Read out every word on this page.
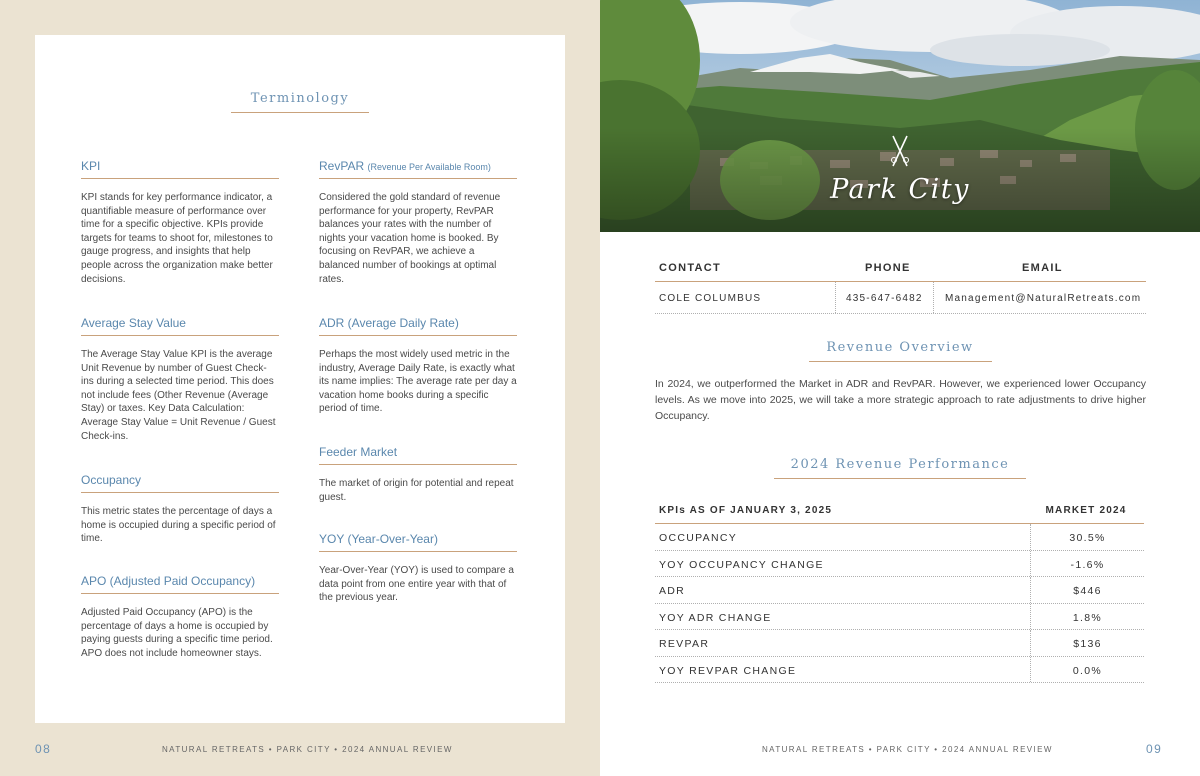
Terminology
KPI
KPI stands for key performance indicator, a quantifiable measure of performance over time for a specific objective. KPIs provide targets for teams to shoot for, milestones to gauge progress, and insights that help people across the organization make better decisions.
RevPAR (Revenue Per Available Room)
Considered the gold standard of revenue performance for your property, RevPAR balances your rates with the number of nights your vacation home is booked. By focusing on RevPAR, we achieve a balanced number of bookings at optimal rates.
Average Stay Value
The Average Stay Value KPI is the average Unit Revenue by number of Guest Check-ins during a selected time period. This does not include fees (Other Revenue (Average Stay) or taxes. Key Data Calculation: Average Stay Value = Unit Revenue / Guest Check-ins.
ADR (Average Daily Rate)
Perhaps the most widely used metric in the industry, Average Daily Rate, is exactly what its name implies: The average rate per day a vacation home books during a specific period of time.
Feeder Market
The market of origin for potential and repeat guest.
Occupancy
This metric states the percentage of days a home is occupied during a specific period of time.	YOY (Year-Over-Year)
Year-Over-Year (YOY) is used to compare a data point from one entire year with that of the previous year.
APO (Adjusted Paid Occupancy)
Adjusted Paid Occupancy (APO) is the percentage of days a home is occupied by paying guests during a specific time period. APO does not include homeowner stays.
08	NATURAL RETREATS • PARK CITY • 2024 ANNUAL REVIEW
Park City
CONTACT	PHONE	EMAIL
COLE COLUMBUS	435-647-6482 Management@NaturalRetreats.com
Revenue Overview
In 2024, we outperformed the Market in ADR and RevPAR. However, we experienced lower Occupancy levels. As we move into 2025, we will take a more strategic approach to rate adjustments to drive higher Occupancy.
2024 Revenue Performance
KPIs AS OF JANUARY 3, 2025	MARKET 2024
OCCUPANCY	30.5%
YOY OCCUPANCY CHANGE	-1.6%
ADR	$446
YOY ADR CHANGE	1.8%
REVPAR	$136
YOY REVPAR CHANGE	0.0%
NATURAL RETREATS • PARK CITY • 2024 ANNUAL REVIEW	09
